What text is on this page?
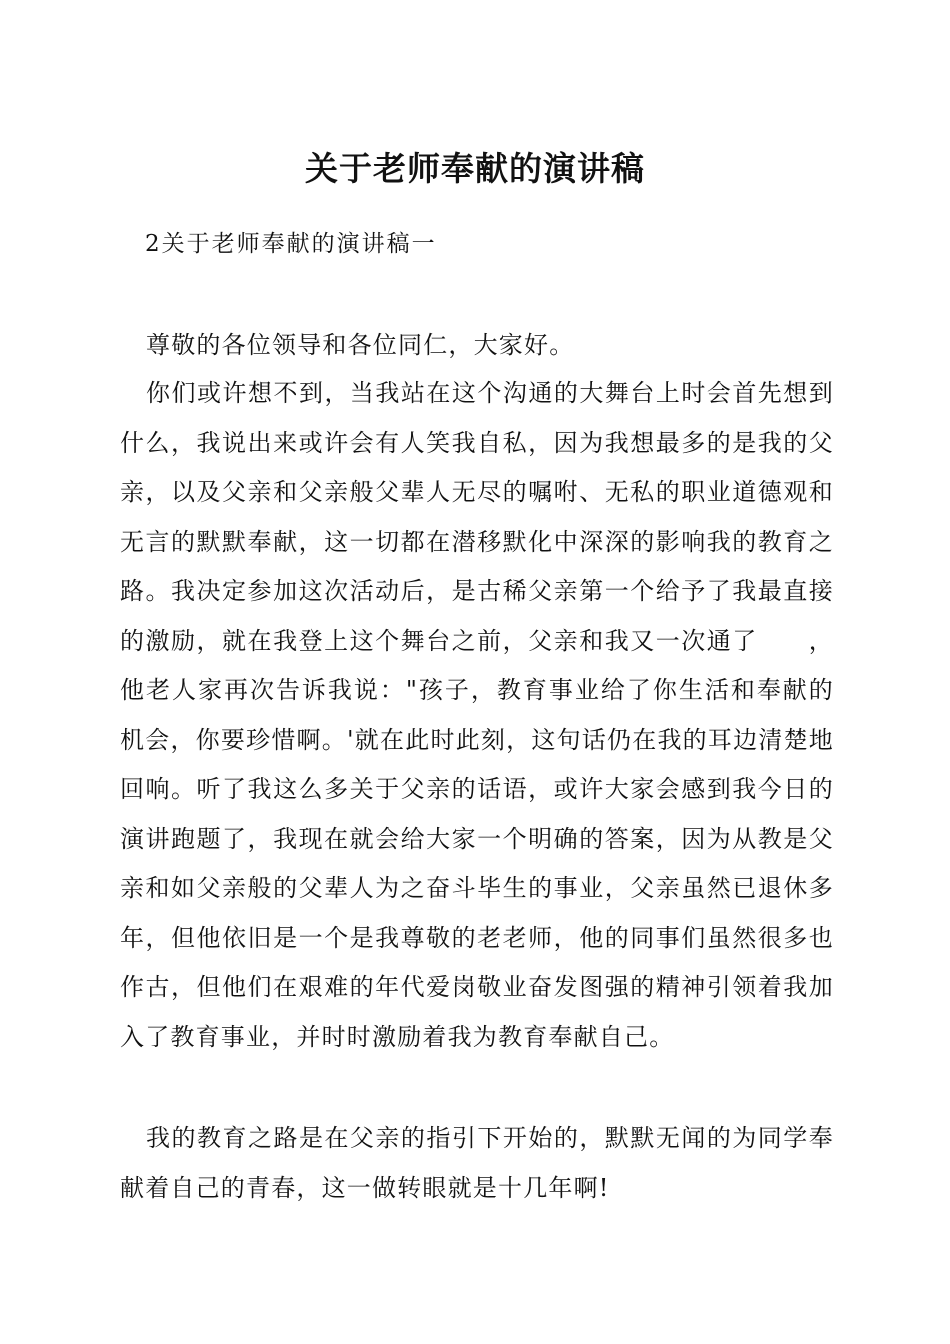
关于老师奉献的演讲稿
2关于老师奉献的演讲稿一

尊敬的各位领导和各位同仁，大家好。

你们或许想不到，当我站在这个沟通的大舞台上时会首先想到什么，我说出来或许会有人笑我自私，因为我想最多的是我的父亲，以及父亲和父亲般父辈人无尽的嘱咐、无私的职业道德观和无言的默默奉献，这一切都在潜移默化中深深的影响我的教育之路。我决定参加这次活动后，是古稀父亲第一个给予了我最直接的激励，就在我登上这个舞台之前，父亲和我又一次通了　　，他老人家再次告诉我说："孩子，教育事业给了你生活和奉献的机会，你要珍惜啊。'就在此时此刻，这句话仍在我的耳边清楚地回响。听了我这么多关于父亲的话语，或许大家会感到我今日的演讲跑题了，我现在就会给大家一个明确的答案，因为从教是父亲和如父亲般的父辈人为之奋斗毕生的事业，父亲虽然已退休多年，但他依旧是一个是我尊敬的老老师，他的同事们虽然很多也作古，但他们在艰难的年代爱岗敬业奋发图强的精神引领着我加入了教育事业，并时时激励着我为教育奉献自己。

我的教育之路是在父亲的指引下开始的，默默无闻的为同学奉献着自己的青春，这一做转眼就是十几年啊!
